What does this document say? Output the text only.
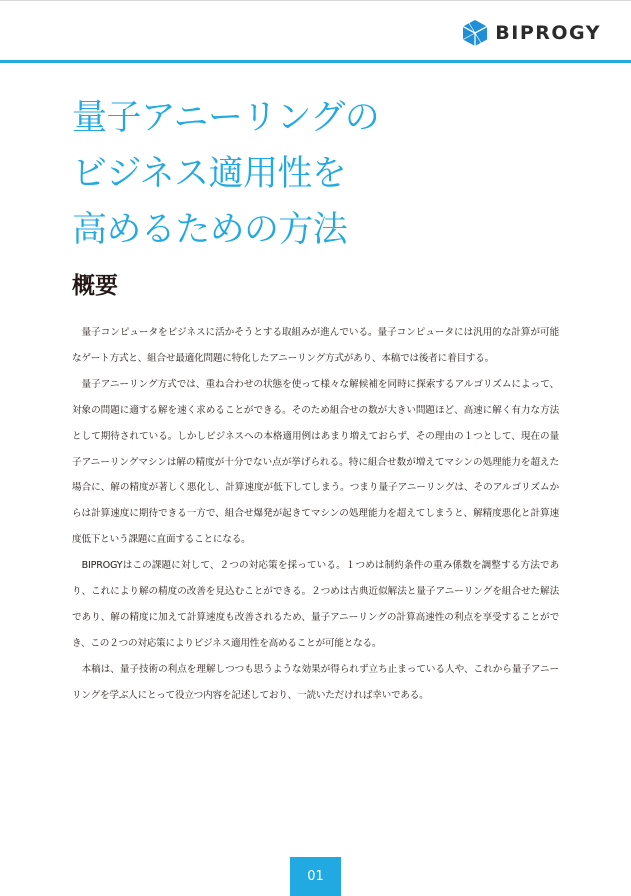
BIPROGY
量子アニーリングの
ビジネス適用性を
高めるための方法
概要

量子コンピュータをビジネスに活かそうとする取組みが進んでいる。量子コンピュータには汎用的な計算が可能なゲート方式と、組合せ最適化問題に特化したアニーリング方式があり、本稿では後者に着目する。

量子アニーリング方式では、重ね合わせの状態を使って様々な解候補を同時に探索するアルゴリズムによって、対象の問題に適する解を速く求めることができる。そのため組合せの数が大きい問題ほど、高速に解く有力な方法として期待されている。しかしビジネスへの本格適用例はあまり増えておらず、その理由の１つとして、現在の量子アニーリングマシンは解の精度が十分でない点が挙げられる。特に組合せ数が増えてマシンの処理能力を超えた場合に、解の精度が著しく悪化し、計算速度が低下してしまう。つまり量子アニーリングは、そのアルゴリズムからは計算速度に期待できる一方で、組合せ爆発が起きてマシンの処理能力を超えてしまうと、解精度悪化と計算速度低下という課題に直面することになる。

BIPROGYはこの課題に対して、２つの対応策を採っている。１つめは制約条件の重み係数を調整する方法であり、これにより解の精度の改善を見込むことができる。２つめは古典近似解法と量子アニーリングを組合せた解法であり、解の精度に加えて計算速度も改善されるため、量子アニーリングの計算高速性の利点を享受することができ、この２つの対応策によりビジネス適用性を高めることが可能となる。

本稿は、量子技術の利点を理解しつつも思うような効果が得られず立ち止まっている人や、これから量子アニーリングを学ぶ人にとって役立つ内容を記述しており、一読いただければ幸いである。

01
